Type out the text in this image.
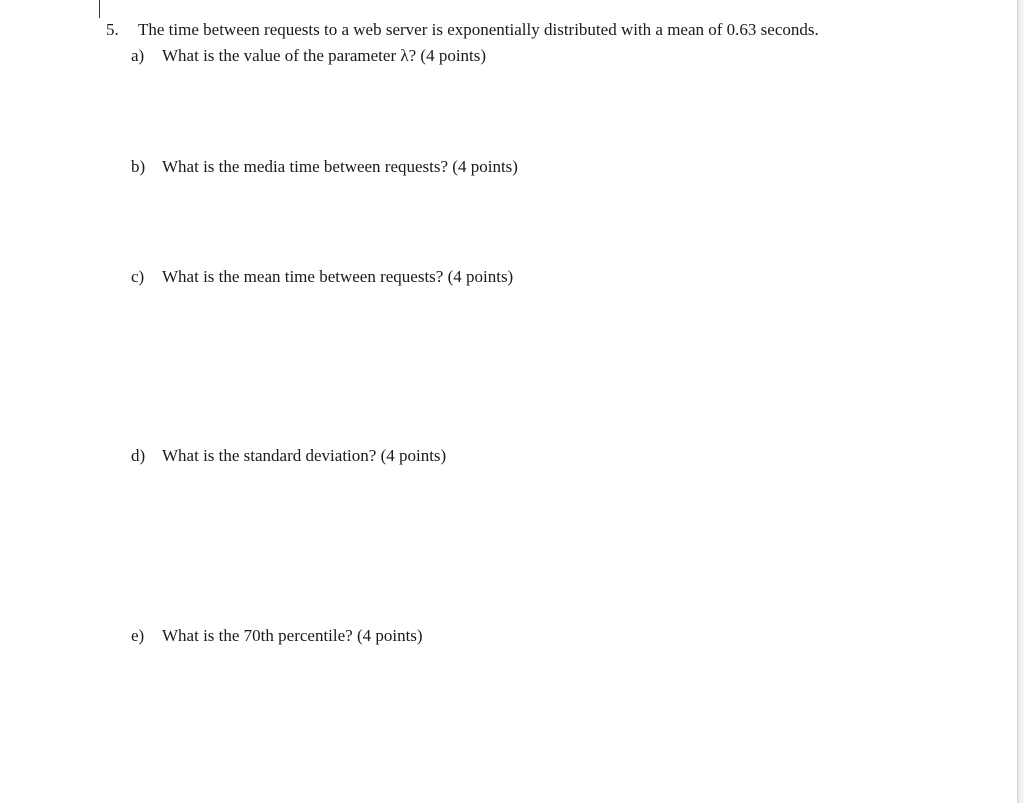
5. The time between requests to a web server is exponentially distributed with a mean of 0.63 seconds.
a) What is the value of the parameter λ? (4 points)
b) What is the media time between requests? (4 points)
c) What is the mean time between requests? (4 points)
d) What is the standard deviation? (4 points)
e) What is the 70th percentile? (4 points)
